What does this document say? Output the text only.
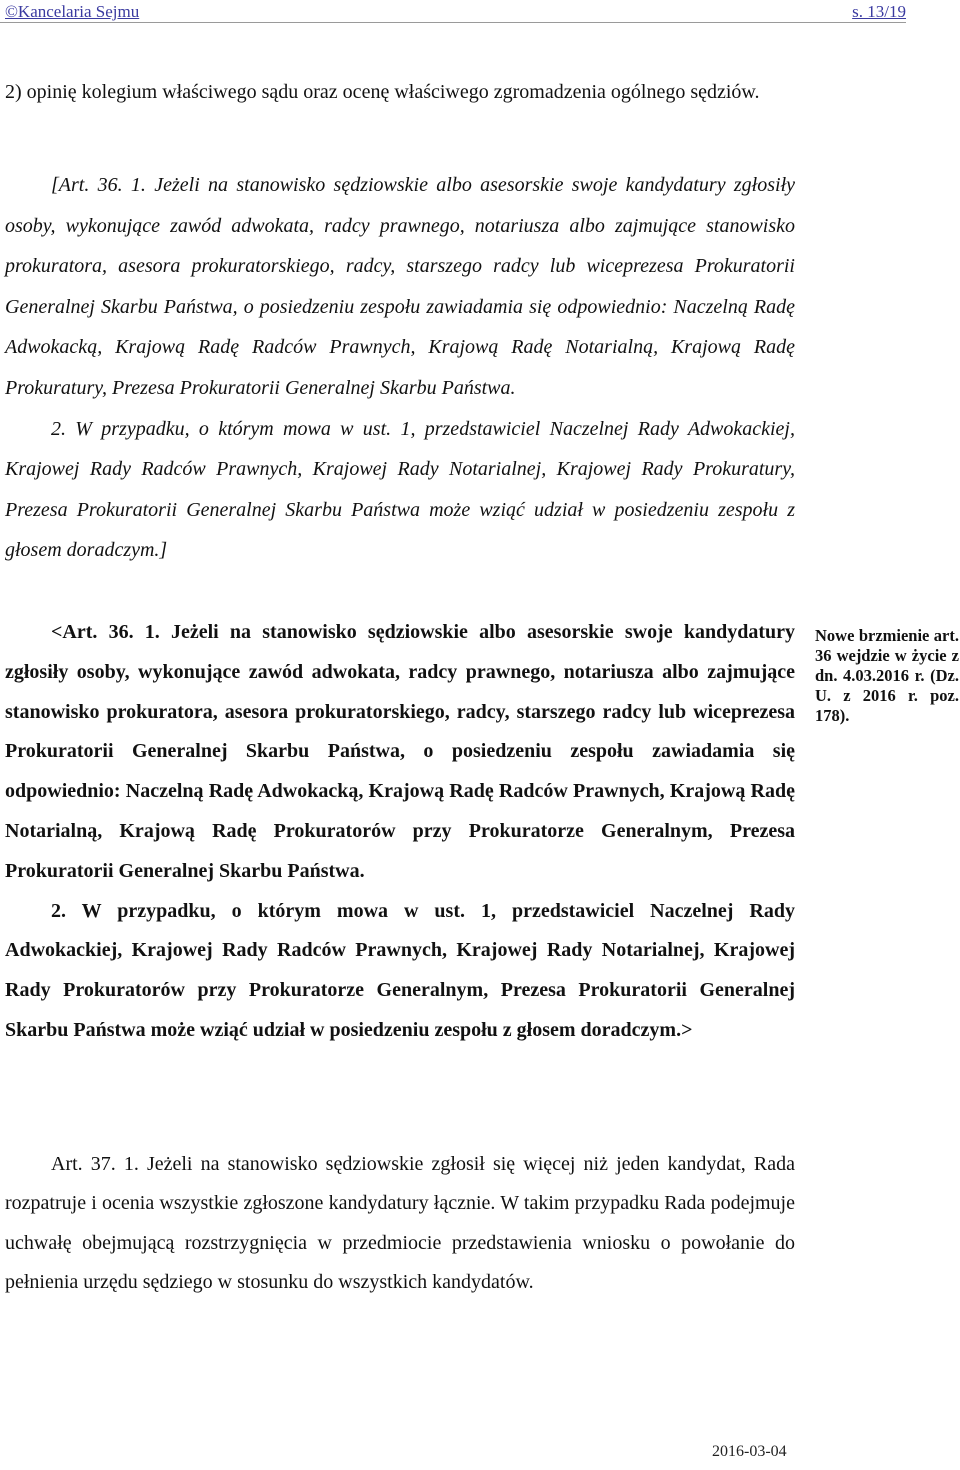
©Kancelaria Sejmu	s. 13/19

2) opinię kolegium właściwego sądu oraz ocenę właściwego zgromadzenia ogólnego sędziów.

[Art. 36. 1. Jeżeli na stanowisko sędziowskie albo asesorskie swoje kandydatury zgłosiły osoby, wykonujące zawód adwokata, radcy prawnego, notariusza albo zajmujące stanowisko prokuratora, asesora prokuratorskiego, radcy, starszego radcy lub wiceprezesa Prokuratorii Generalnej Skarbu Państwa, o posiedzeniu zespołu zawiadamia się odpowiednio: Naczelną Radę Adwokacką, Krajową Radę Radców Prawnych, Krajową Radę Notarialną, Krajową Radę Prokuratury, Prezesa Prokuratorii Generalnej Skarbu Państwa.

2. W przypadku, o którym mowa w ust. 1, przedstawiciel Naczelnej Rady Adwokackiej, Krajowej Rady Radców Prawnych, Krajowej Rady Notarialnej, Krajowej Rady Prokuratury, Prezesa Prokuratorii Generalnej Skarbu Państwa może wziąć udział w posiedzeniu zespołu z głosem doradczym.]

<Art. 36. 1. Jeżeli na stanowisko sędziowskie albo asesorskie swoje kandydatury zgłosiły osoby, wykonujące zawód adwokata, radcy prawnego, notariusza albo zajmujące stanowisko prokuratora, asesora prokuratorskiego, radcy, starszego radcy lub wiceprezesa Prokuratorii Generalnej Skarbu Państwa, o posiedzeniu zespołu zawiadamia się odpowiednio: Naczelną Radę Adwokacką, Krajową Radę Radców Prawnych, Krajową Radę Notarialną, Krajową Radę Prokuratorów przy Prokuratorze Generalnym, Prezesa Prokuratorii Generalnej Skarbu Państwa.

2. W przypadku, o którym mowa w ust. 1, przedstawiciel Naczelnej Rady Adwokackiej, Krajowej Rady Radców Prawnych, Krajowej Rady Notarialnej, Krajowej Rady Prokuratorów przy Prokuratorze Generalnym, Prezesa Prokuratorii Generalnej Skarbu Państwa może wziąć udział w posiedzeniu zespołu z głosem doradczym.>

Nowe brzmienie art. 36 wejdzie w życie z dn. 4.03.2016 r. (Dz. U. z 2016 r. poz. 178).

Art. 37. 1. Jeżeli na stanowisko sędziowskie zgłosił się więcej niż jeden kandydat, Rada rozpatruje i ocenia wszystkie zgłoszone kandydatury łącznie. W takim przypadku Rada podejmuje uchwałę obejmującą rozstrzygnięcia w przedmiocie przedstawienia wniosku o powołanie do pełnienia urzędu sędziego w stosunku do wszystkich kandydatów.

2016-03-04
